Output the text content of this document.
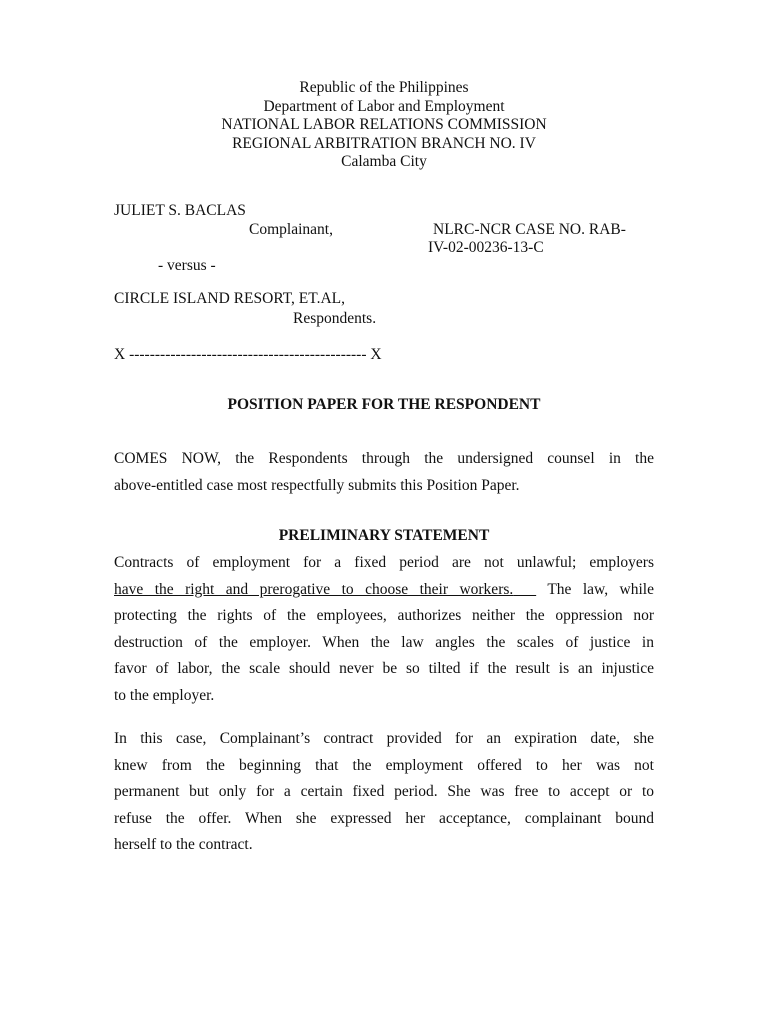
Republic of the Philippines
Department of Labor and Employment
NATIONAL LABOR RELATIONS COMMISSION
REGIONAL ARBITRATION BRANCH NO. IV
Calamba City
JULIET S. BACLAS
Complainant,	NLRC-NCR CASE NO. RAB-
IV-02-00236-13-C
- versus -
CIRCLE ISLAND RESORT, ET.AL,
Respondents.
X ---------------------------------------------- X
POSITION PAPER FOR THE RESPONDENT
COMES NOW, the Respondents through the undersigned counsel in the
above-entitled case most respectfully submits this Position Paper.
PRELIMINARY STATEMENT
Contracts of employment for a fixed period are not unlawful; employers
have the right and prerogative to choose their workers. The law, while
protecting the rights of the employees, authorizes neither the oppression nor
destruction of the employer. When the law angles the scales of justice in
favor of labor, the scale should never be so tilted if the result is an injustice
to the employer.
In this case, Complainant’s contract provided for an expiration date, she
knew from the beginning that the employment offered to her was not
permanent but only for a certain fixed period. She was free to accept or to
refuse the offer. When she expressed her acceptance, complainant bound
herself to the contract.
